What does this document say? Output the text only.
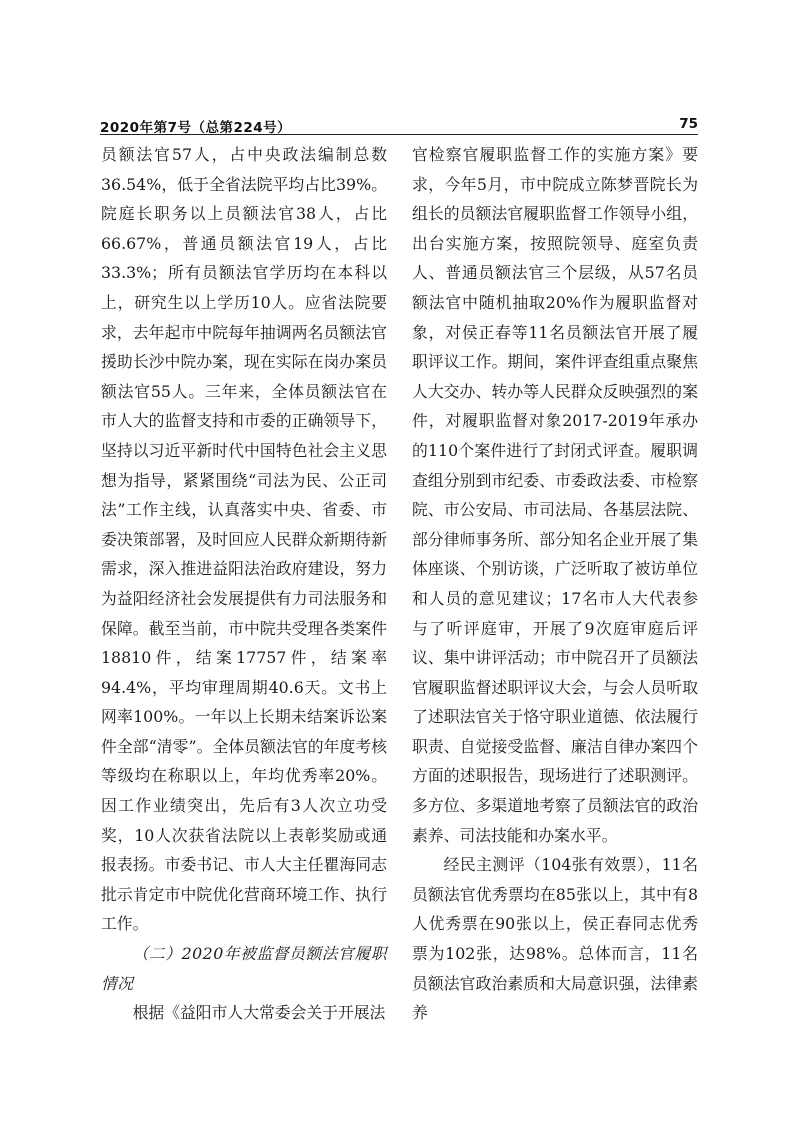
2020年第7号（总第224号）	75

员额法官57人，占中央政法编制总数36.54%，低于全省法院平均占比39%。院庭长职务以上员额法官38人，占比66.67%，普通员额法官19人，占比33.3%；所有员额法官学历均在本科以上，研究生以上学历10人。应省法院要求，去年起市中院每年抽调两名员额法官援助长沙中院办案，现在实际在岗办案员额法官55人。三年来，全体员额法官在市人大的监督支持和市委的正确领导下，坚持以习近平新时代中国特色社会主义思想为指导，紧紧围绕“司法为民、公正司法”工作主线，认真落实中央、省委、市委决策部署，及时回应人民群众新期待新需求，深入推进益阳法治政府建设，努力为益阳经济社会发展提供有力司法服务和保障。截至当前，市中院共受理各类案件18810件，结案17757件，结案率94.4%，平均审理周期40.6天。文书上网率100%。一年以上长期未结案诉讼案件全部“清零”。全体员额法官的年度考核等级均在称职以上，年均优秀率20%。因工作业绩突出，先后有3人次立功受奖，10人次获省法院以上表彰奖励或通报表扬。市委书记、市人大主任瞿海同志批示肯定市中院优化营商环境工作、执行工作。

（二）2020年被监督员额法官履职情况

根据《益阳市人大常委会关于开展法

官检察官履职监督工作的实施方案》要求，今年5月，市中院成立陈梦晋院长为组长的员额法官履职监督工作领导小组，出台实施方案，按照院领导、庭室负责人、普通员额法官三个层级，从57名员额法官中随机抽取20%作为履职监督对象，对侯正春等11名员额法官开展了履职评议工作。期间，案件评查组重点聚焦人大交办、转办等人民群众反映强烈的案件，对履职监督对象2017-2019年承办的110个案件进行了封闭式评查。履职调查组分别到市纪委、市委政法委、市检察院、市公安局、市司法局、各基层法院、部分律师事务所、部分知名企业开展了集体座谈、个别访谈，广泛听取了被访单位和人员的意见建议；17名市人大代表参与了听评庭审，开展了9次庭审庭后评议、集中讲评活动；市中院召开了员额法官履职监督述职评议大会，与会人员听取了述职法官关于恪守职业道德、依法履行职责、自觉接受监督、廉洁自律办案四个方面的述职报告，现场进行了述职测评。多方位、多渠道地考察了员额法官的政治素养、司法技能和办案水平。

经民主测评（104张有效票），11名员额法官优秀票均在85张以上，其中有8人优秀票在90张以上，侯正春同志优秀票为102张，达98%。总体而言，11名员额法官政治素质和大局意识强，法律素养
